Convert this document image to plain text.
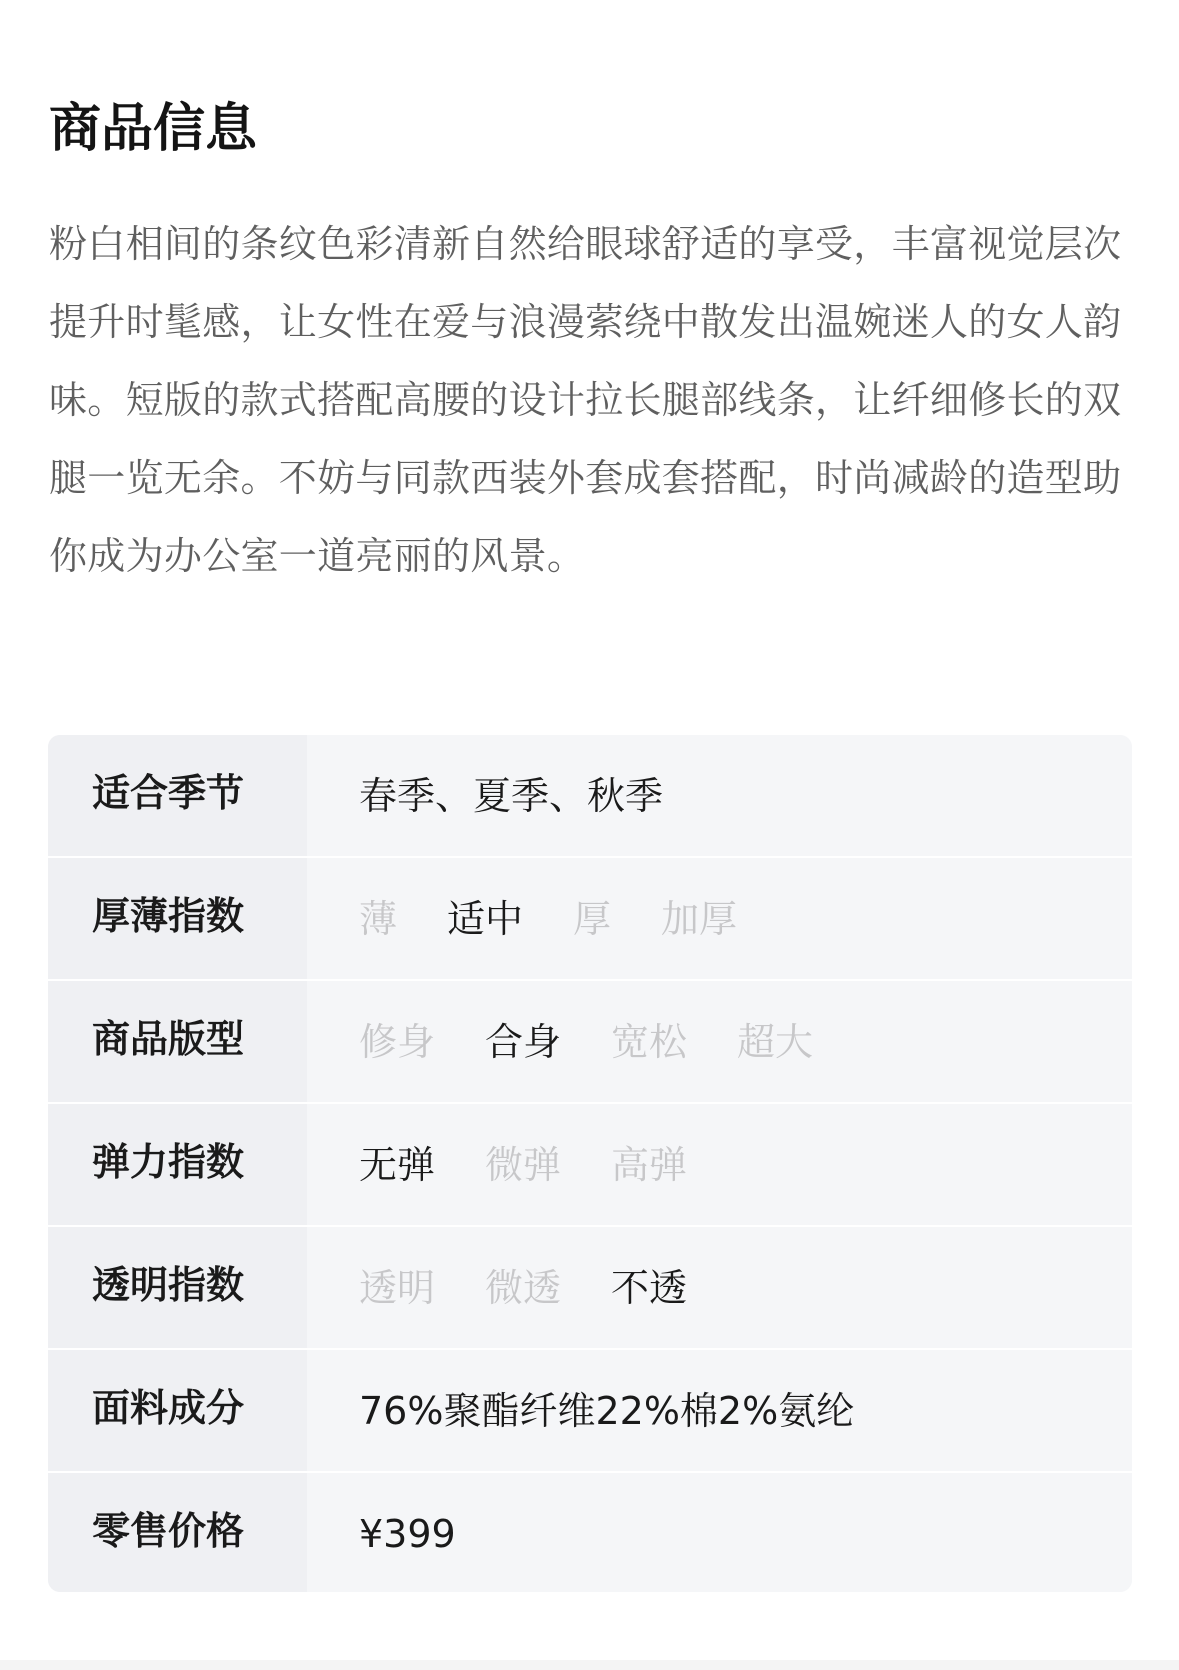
商品信息

粉白相间的条纹色彩清新自然给眼球舒适的享受，丰富视觉层次提升时髦感，让女性在爱与浪漫萦绕中散发出温婉迷人的女人韵味。短版的款式搭配高腰的设计拉长腿部线条，让纤细修长的双腿一览无余。不妨与同款西装外套成套搭配，时尚减龄的造型助你成为办公室一道亮丽的风景。

适合季节	春季、夏季、秋季
厚薄指数	薄 适中 厚 加厚
商品版型	修身 合身 宽松 超大
弹力指数	无弹 微弹 高弹
透明指数	透明 微透 不透
面料成分	76%聚酯纤维22%棉2%氨纶
零售价格	¥399
